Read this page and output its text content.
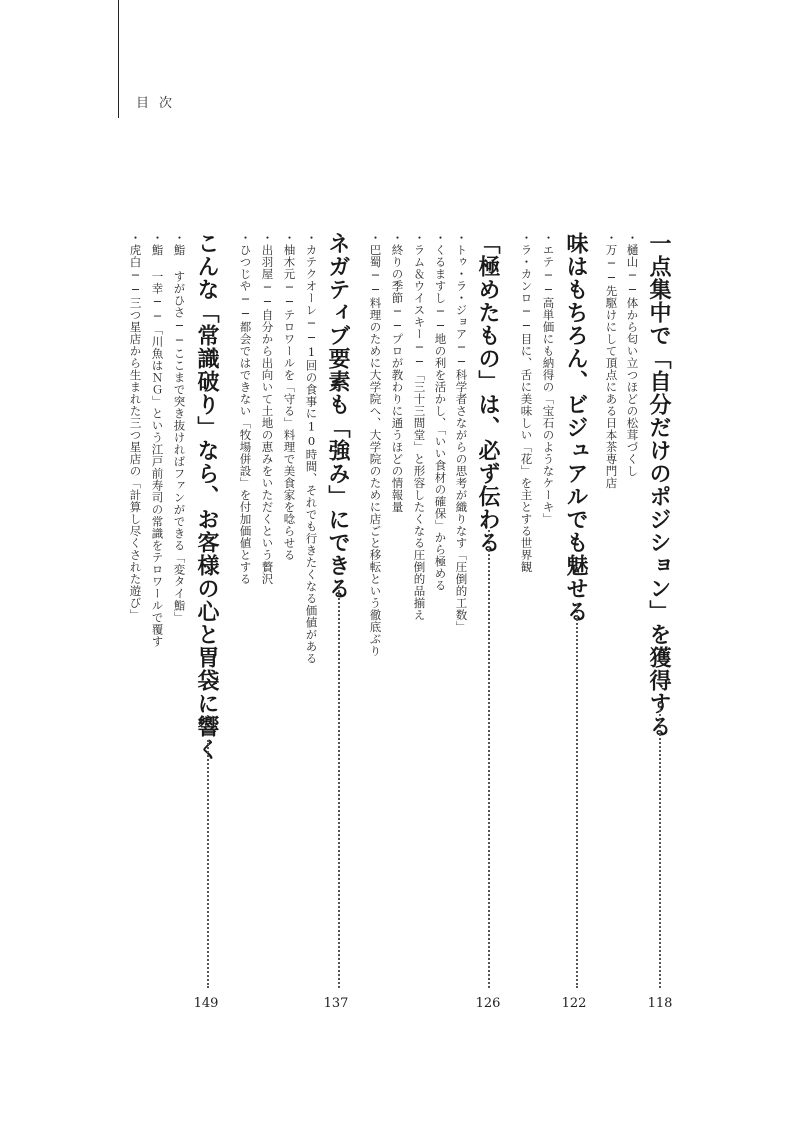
目次
一点集中で「自分だけのポジション」を獲得する
118
・樋山──体から匂い立つほどの松茸づくし
・万──先駆けにして頂点にある日本茶専門店
味はもちろん、ビジュアルでも魅せる
122
・エテ──高単価にも納得の「宝石のようなケーキ」
・ラ・カンロ──目に、舌に美味しい「花」を主とする世界観
「極めたもの」は、必ず伝わる
126
・トゥ・ラ・ジョア──科学者さながらの思考が織りなす「圧倒的工数」
・くるますし──地の利を活かし、「いい食材の確保」から極める
・ラム＆ウイスキー──「三十三間堂」と形容したくなる圧倒的品揃え
・終りの季節──プロが教わりに通うほどの情報量
・巴蜀──料理のために大学院へ、大学院のために店ごと移転という徹底ぶり
ネガティブ要素も「強み」にできる
137
・カテクオーレ──1回の食事に10時間、それでも行きたくなる価値がある
・柚木元──テロワールを「守る」料理で美食家を唸らせる
・出羽屋──自分から出向いて土地の恵みをいただくという贅沢
・ひつじや──都会ではできない「牧場併設」を付加価値とする
こんな「常識破り」なら、お客様の心と胃袋に響く
149
・鮨 すがひさ──ここまで突き抜ければファンができる「変タイ鮨」
・鮨 一幸──「川魚はＮＧ」という江戸前寿司の常識をテロワールで覆す
・虎白──三つ星店から生まれた三つ星店の「計算し尽くされた遊び」
